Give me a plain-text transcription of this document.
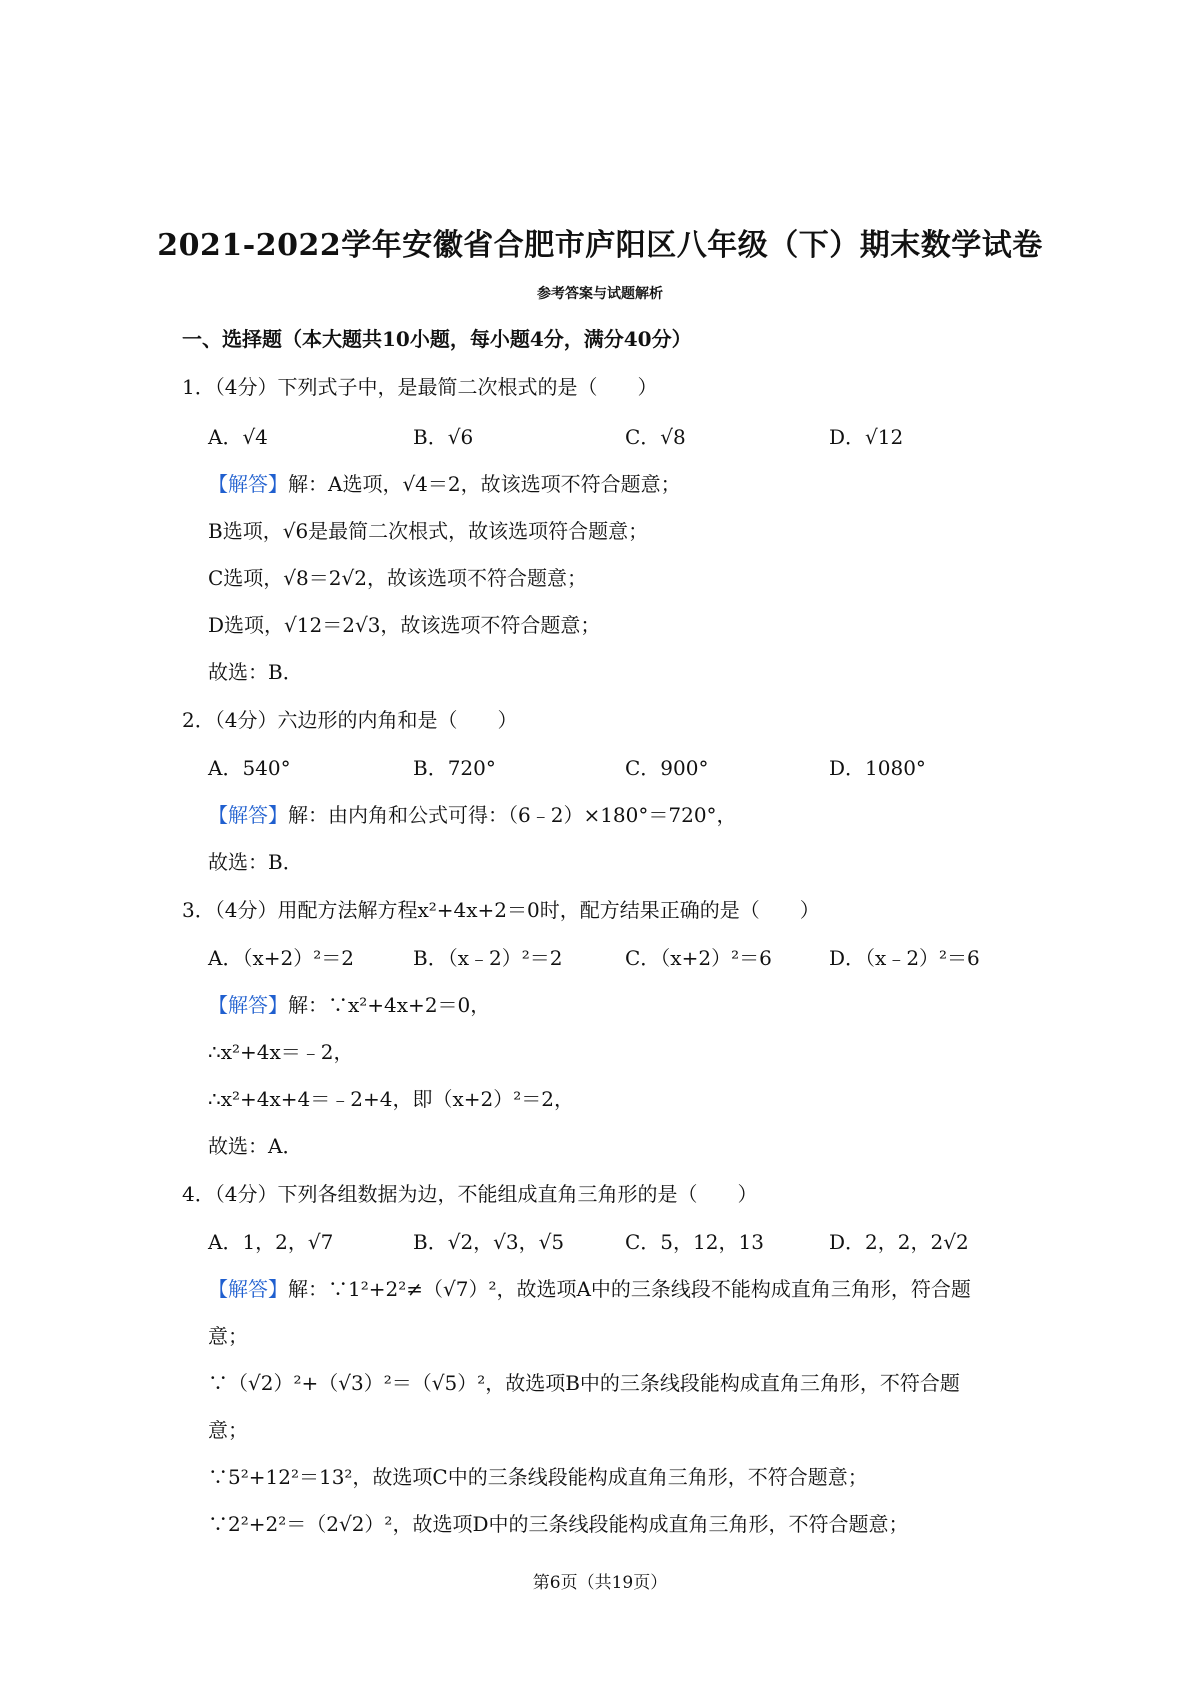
2021-2022学年安徽省合肥市庐阳区八年级（下）期末数学试卷
参考答案与试题解析
一、选择题（本大题共10小题，每小题4分，满分40分）
1．（4分）下列式子中，是最简二次根式的是（　　）
A．√4	B．√6	C．√8	D．√12
【解答】解：A选项，√4＝2，故该选项不符合题意；
B选项，√6是最简二次根式，故该选项符合题意；
C选项，√8＝2√2，故该选项不符合题意；
D选项，√12＝2√3，故该选项不符合题意；
故选：B．
2．（4分）六边形的内角和是（　　）
A．540°	B．720°	C．900°	D．1080°
【解答】解：由内角和公式可得：（6﹣2）×180°＝720°，
故选：B．
3．（4分）用配方法解方程x²+4x+2＝0时，配方结果正确的是（　　）
A．（x+2）²＝2	B．（x﹣2）²＝2	C．（x+2）²＝6	D．（x﹣2）²＝6
【解答】解：∵x²+4x+2＝0，
∴x²+4x＝﹣2，
∴x²+4x+4＝﹣2+4，即（x+2）²＝2，
故选：A．
4．（4分）下列各组数据为边，不能组成直角三角形的是（　　）
A．1，2，√7	B．√2，√3，√5	C．5，12，13	D．2，2，2√2
【解答】解：∵1²+2²≠（√7）²，故选项A中的三条线段不能构成直角三角形，符合题
意；
∵（√2）²+（√3）²＝（√5）²，故选项B中的三条线段能构成直角三角形，不符合题
意；
∵5²+12²＝13²，故选项C中的三条线段能构成直角三角形，不符合题意；
∵2²+2²＝（2√2）²，故选项D中的三条线段能构成直角三角形，不符合题意；
第6页（共19页）
